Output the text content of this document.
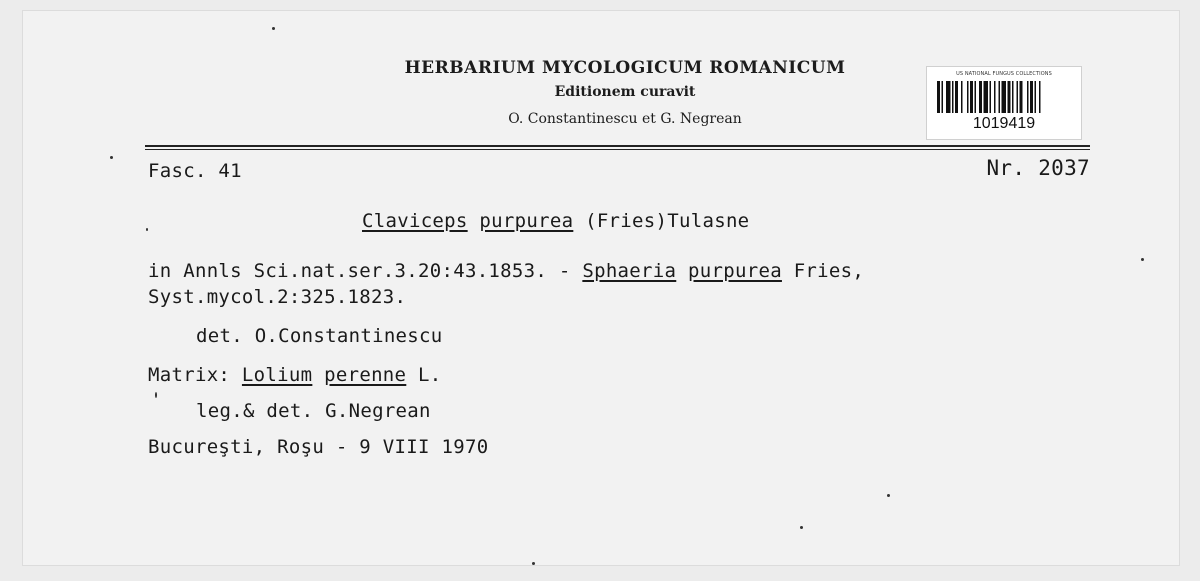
HERBARIUM MYCOLOGICUM ROMANICUM
Editionem curavit
O. Constantinescu et G. Negrean
US NATIONAL FUNGUS COLLECTIONS
1019419
Fasc. 41	Nr. 2037
Claviceps purpurea (Fries)Tulasne
in Annls Sci.nat.ser.3.20:43.1853. - Sphaeria purpurea Fries,
Syst.mycol.2:325.1823.
det. O.Constantinescu
Matrix: Lolium perenne L.
leg.& det. G.Negrean
Bucureşti, Roşu - 9 VIII 1970
